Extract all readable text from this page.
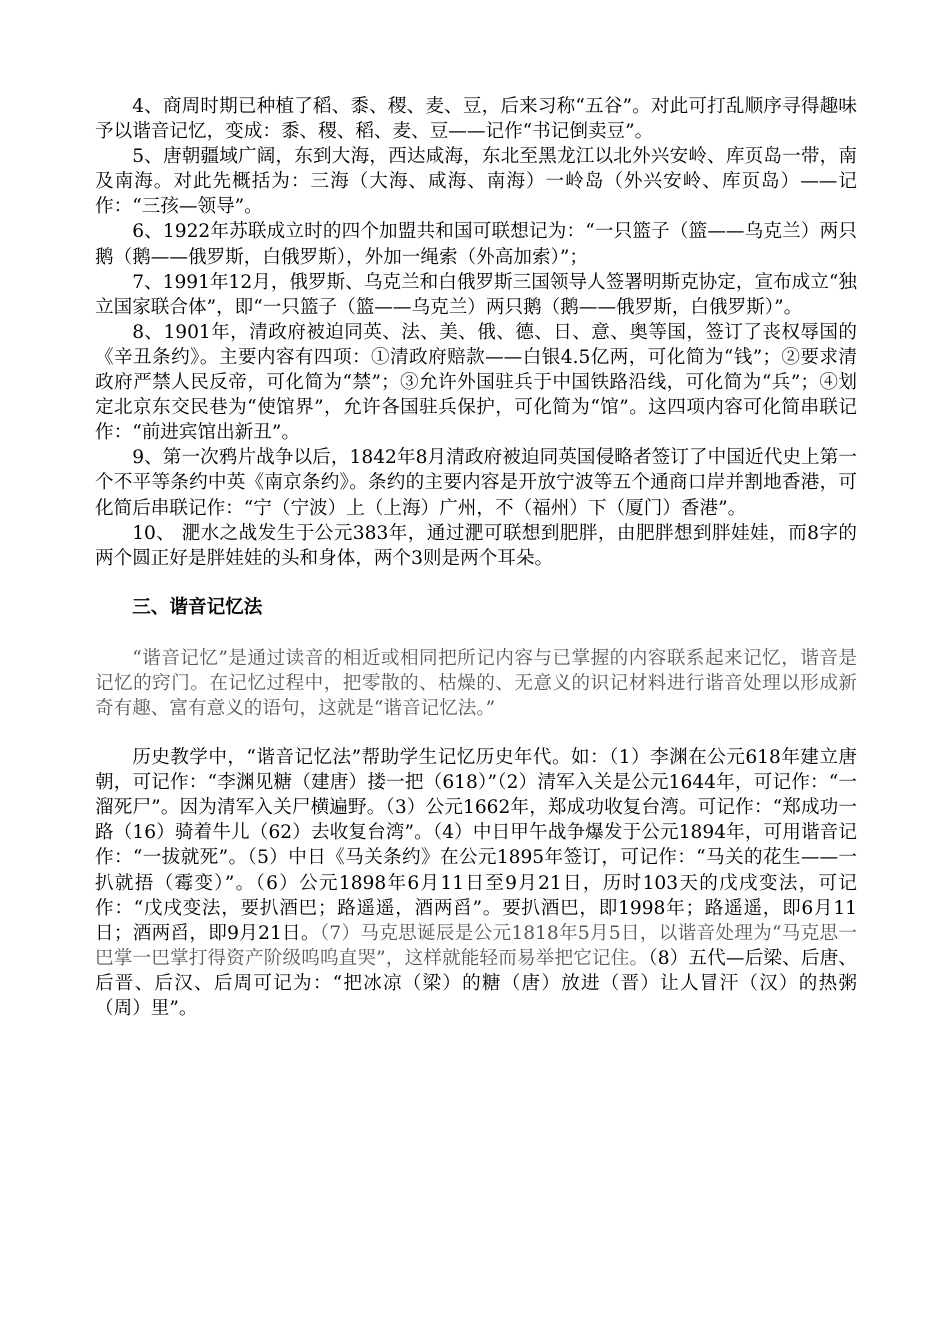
4、商周时期已种植了稻、黍、稷、麦、豆，后来习称“五谷”。对此可打乱顺序寻得趣味予以谐音记忆，变成：黍、稷、稻、麦、豆——记作“书记倒卖豆”。

5、唐朝疆域广阔，东到大海，西达咸海，东北至黑龙江以北外兴安岭、库页岛一带，南及南海。对此先概括为：三海（大海、咸海、南海）一岭岛（外兴安岭、库页岛）——记作：“三孩—领导”。

6、1922年苏联成立时的四个加盟共和国可联想记为：“一只篮子（篮——乌克兰）两只鹅（鹅——俄罗斯，白俄罗斯），外加一绳索（外高加索）”；

7、1991年12月，俄罗斯、乌克兰和白俄罗斯三国领导人签署明斯克协定，宣布成立“独立国家联合体”，即“一只篮子（篮——乌克兰）两只鹅（鹅——俄罗斯，白俄罗斯）”。

8、1901年，清政府被迫同英、法、美、俄、德、日、意、奥等国，签订了丧权辱国的《辛丑条约》。主要内容有四项：①清政府赔款——白银4.5亿两，可化简为“钱”；②要求清政府严禁人民反帝，可化简为“禁”；③允许外国驻兵于中国铁路沿线，可化简为“兵”；④划定北京东交民巷为“使馆界”，允许各国驻兵保护，可化简为“馆”。这四项内容可化简串联记作：“前进宾馆出新丑”。

9、第一次鸦片战争以后，1842年8月清政府被迫同英国侵略者签订了中国近代史上第一个不平等条约中英《南京条约》。条约的主要内容是开放宁波等五个通商口岸并割地香港，可化简后串联记作：“宁（宁波）上（上海）广州，不（福州）下（厦门）香港”。

10、 淝水之战发生于公元383年，通过淝可联想到肥胖，由肥胖想到胖娃娃，而8字的两个圆正好是胖娃娃的头和身体，两个3则是两个耳朵。

三、谐音记忆法

“谐音记忆”是通过读音的相近或相同把所记内容与已掌握的内容联系起来记忆，谐音是记忆的窍门。在记忆过程中，把零散的、枯燥的、无意义的识记材料进行谐音处理以形成新奇有趣、富有意义的语句，这就是“谐音记忆法。”

历史教学中，“谐音记忆法”帮助学生记忆历史年代。如：（1）李渊在公元618年建立唐朝，可记作：“李渊见糖（建唐）搂一把（618）”（2）清军入关是公元1644年，可记作：“一溜死尸”。因为清军入关尸横遍野。（3）公元1662年，郑成功收复台湾。可记作：“郑成功一路（16）骑着牛儿（62）去收复台湾”。（4）中日甲午战争爆发于公元1894年，可用谐音记作：“一拔就死”。（5）中日《马关条约》在公元1895年签订，可记作：“马关的花生——一扒就捂（霉变）”。（6）公元1898年6月11日至9月21日，历时103天的戊戌变法，可记作：“戊戌变法，要扒酒巴；路遥遥，酒两舀”。要扒酒巴，即1998年；路遥遥，即6月11日；酒两舀，即9月21日。（7）马克思诞辰是公元1818年5月5日，以谐音处理为“马克思一巴掌一巴掌打得资产阶级呜呜直哭”，这样就能轻而易举把它记住。（8）五代—后梁、后唐、后晋、后汉、后周可记为：“把冰凉（梁）的糖（唐）放进（晋）让人冒汗（汉）的热粥（周）里”。
